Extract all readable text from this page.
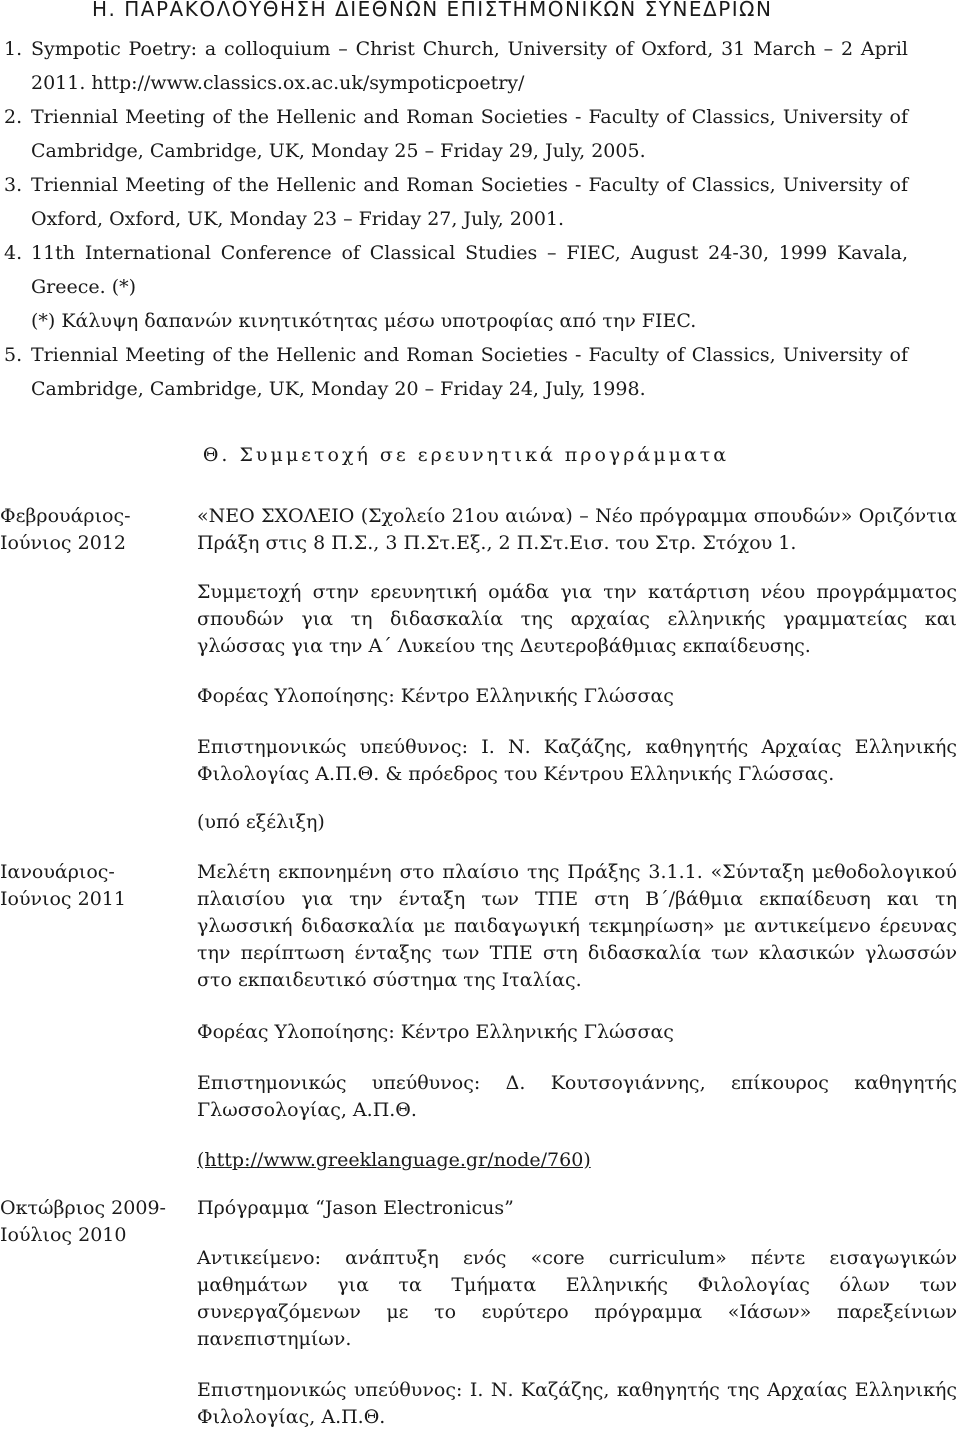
Η. ΠΑΡΑΚΟΛΟΥΘΗΣΗ ΔΙΕΘΝΩΝ ΕΠΙΣΤΗΜΟΝΙΚΩΝ ΣΥΝΕΔΡΙΩΝ
1. Sympotic Poetry: a colloquium – Christ Church, University of Oxford, 31 March – 2 April
2011. http://www.classics.ox.ac.uk/sympoticpoetry/
2. Triennial Meeting of the Hellenic and Roman Societies - Faculty of Classics, University of
Cambridge, Cambridge, UK, Monday 25 – Friday 29, July, 2005.
3. Triennial Meeting of the Hellenic and Roman Societies - Faculty of Classics, University of
Oxford, Oxford, UK, Monday 23 – Friday 27, July, 2001.
4. 11th International Conference of Classical Studies – FIEC, August 24-30, 1999 Kavala,
Greece. (*)
(*) Κάλυψη δαπανών κινητικότητας μέσω υποτροφίας από την FIEC.
5. Triennial Meeting of the Hellenic and Roman Societies - Faculty of Classics, University of
Cambridge, Cambridge, UK, Monday 20 – Friday 24, July, 1998.
Θ. Συμμετοχή σε ερευνητικά προγράμματα
Φεβρουάριος-
Ιούνιος 2012
«ΝΕΟ ΣΧΟΛΕΙΟ (Σχολείο 21ου αιώνα) – Νέο πρόγραμμα σπουδών» Οριζόντια Πράξη στις 8 Π.Σ., 3 Π.Στ.Εξ., 2 Π.Στ.Εισ. του Στρ. Στόχου 1.
Συμμετοχή στην ερευνητική ομάδα για την κατάρτιση νέου προγράμματος σπουδών για τη διδασκαλία της αρχαίας ελληνικής γραμματείας και γλώσσας για την Α΄ Λυκείου της Δευτεροβάθμιας εκπαίδευσης.
Φορέας Υλοποίησης: Κέντρο Ελληνικής Γλώσσας
Επιστημονικώς υπεύθυνος: Ι. Ν. Καζάζης, καθηγητής Αρχαίας Ελληνικής Φιλολογίας Α.Π.Θ. & πρόεδρος του Κέντρου Ελληνικής Γλώσσας.
(υπό εξέλιξη)
Ιανουάριος-
Ιούνιος 2011
Μελέτη εκπονημένη στο πλαίσιο της Πράξης 3.1.1. «Σύνταξη μεθοδολογικού πλαισίου για την ένταξη των ΤΠΕ στη Β΄/βάθμια εκπαίδευση και τη γλωσσική διδασκαλία με παιδαγωγική τεκμηρίωση» με αντικείμενο έρευνας την περίπτωση ένταξης των ΤΠΕ στη διδασκαλία των κλασικών γλωσσών στο εκπαιδευτικό σύστημα της Ιταλίας.
Φορέας Υλοποίησης: Κέντρο Ελληνικής Γλώσσας
Επιστημονικώς υπεύθυνος: Δ. Κουτσογιάννης, επίκουρος καθηγητής Γλωσσολογίας, Α.Π.Θ.
(http://www.greeklanguage.gr/node/760)
Οκτώβριος 2009-
Ιούλιος 2010
Πρόγραμμα “Jason Electronicus”
Αντικείμενο: ανάπτυξη ενός «core curriculum» πέντε εισαγωγικών μαθημάτων για τα Τμήματα Ελληνικής Φιλολογίας όλων των συνεργαζόμενων με το ευρύτερο πρόγραμμα «Ιάσων» παρεξείνιων πανεπιστημίων.
Επιστημονικώς υπεύθυνος: Ι. Ν. Καζάζης, καθηγητής της Αρχαίας Ελληνικής Φιλολογίας, Α.Π.Θ.
